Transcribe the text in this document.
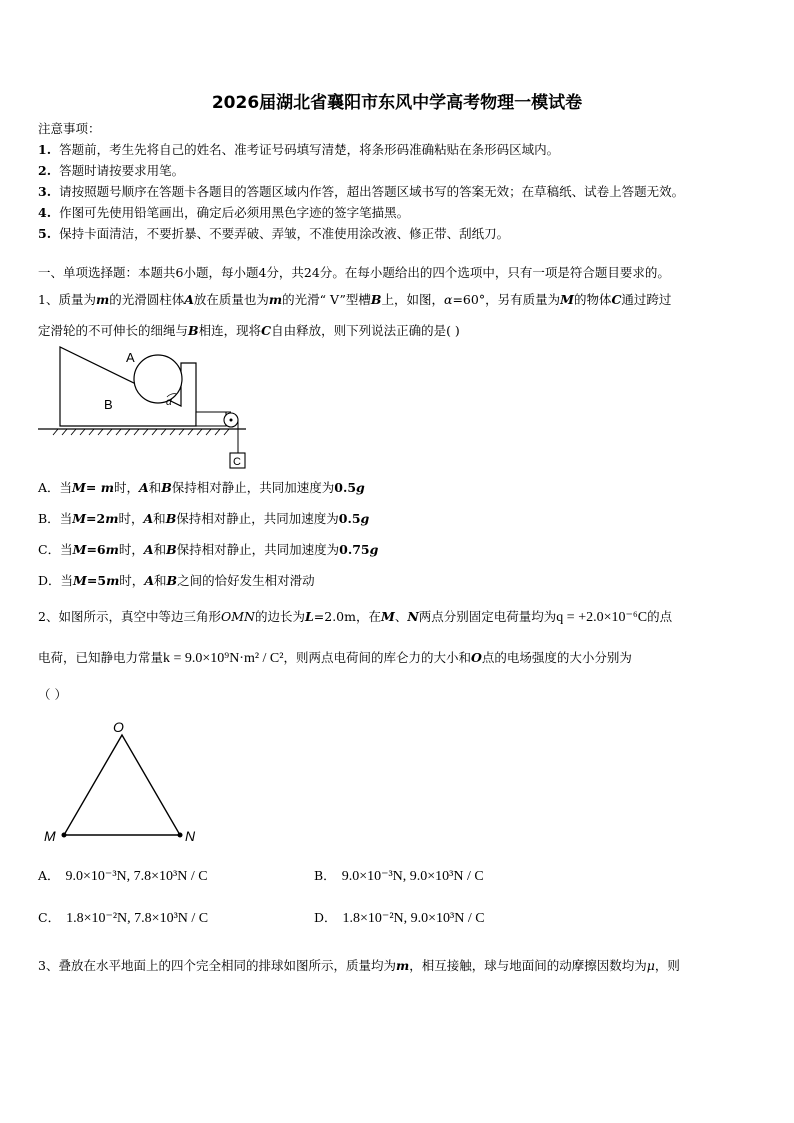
2026届湖北省襄阳市东风中学高考物理一模试卷
注意事项：
1. 答题前，考生先将自己的姓名、准考证号码填写清楚，将条形码准确粘贴在条形码区域内。
2. 答题时请按要求用笔。
3. 请按照题号顺序在答题卡各题目的答题区域内作答，超出答题区域书写的答案无效；在草稿纸、试卷上答题无效。
4. 作图可先使用铅笔画出，确定后必须用黑色字迹的签字笔描黑。
5. 保持卡面清洁，不要折暴、不要弄破、弄皱，不准使用涂改液、修正带、刮纸刀。
一、单项选择题：本题共6小题，每小题4分，共24分。在每小题给出的四个选项中，只有一项是符合题目要求的。
1、质量为m的光滑圆柱体A放在质量也为m的光滑“ V”型槽B上，如图，α=60°，另有质量为M的物体C通过跨过
定滑轮的不可伸长的细绳与B相连，现将C自由释放，则下列说法正确的是( )
A
B	α
C
A．当M= m时，A和B保持相对静止，共同加速度为0.5g
B．当M=2m时，A和B保持相对静止，共同加速度为0.5g
C．当M=6m时，A和B保持相对静止，共同加速度为0.75g
D．当M=5m时，A和B之间的恰好发生相对滑动
2、如图所示，真空中等边三角形OMN的边长为L=2.0m，在M、N两点分别固定电荷量均为q = +2.0×10⁻⁶C的点
电荷，已知静电力常量k = 9.0×10⁹N·m² / C²，则两点电荷间的库仑力的大小和O点的电场强度的大小分别为
（ ）
O
M	N
A． 9.0×10⁻³N, 7.8×10³N / C	B． 9.0×10⁻³N, 9.0×10³N / C
C． 1.8×10⁻²N, 7.8×10³N / C	D． 1.8×10⁻²N, 9.0×10³N / C
3、叠放在水平地面上的四个完全相同的排球如图所示，质量均为m，相互接触，球与地面间的动摩擦因数均为μ，则
